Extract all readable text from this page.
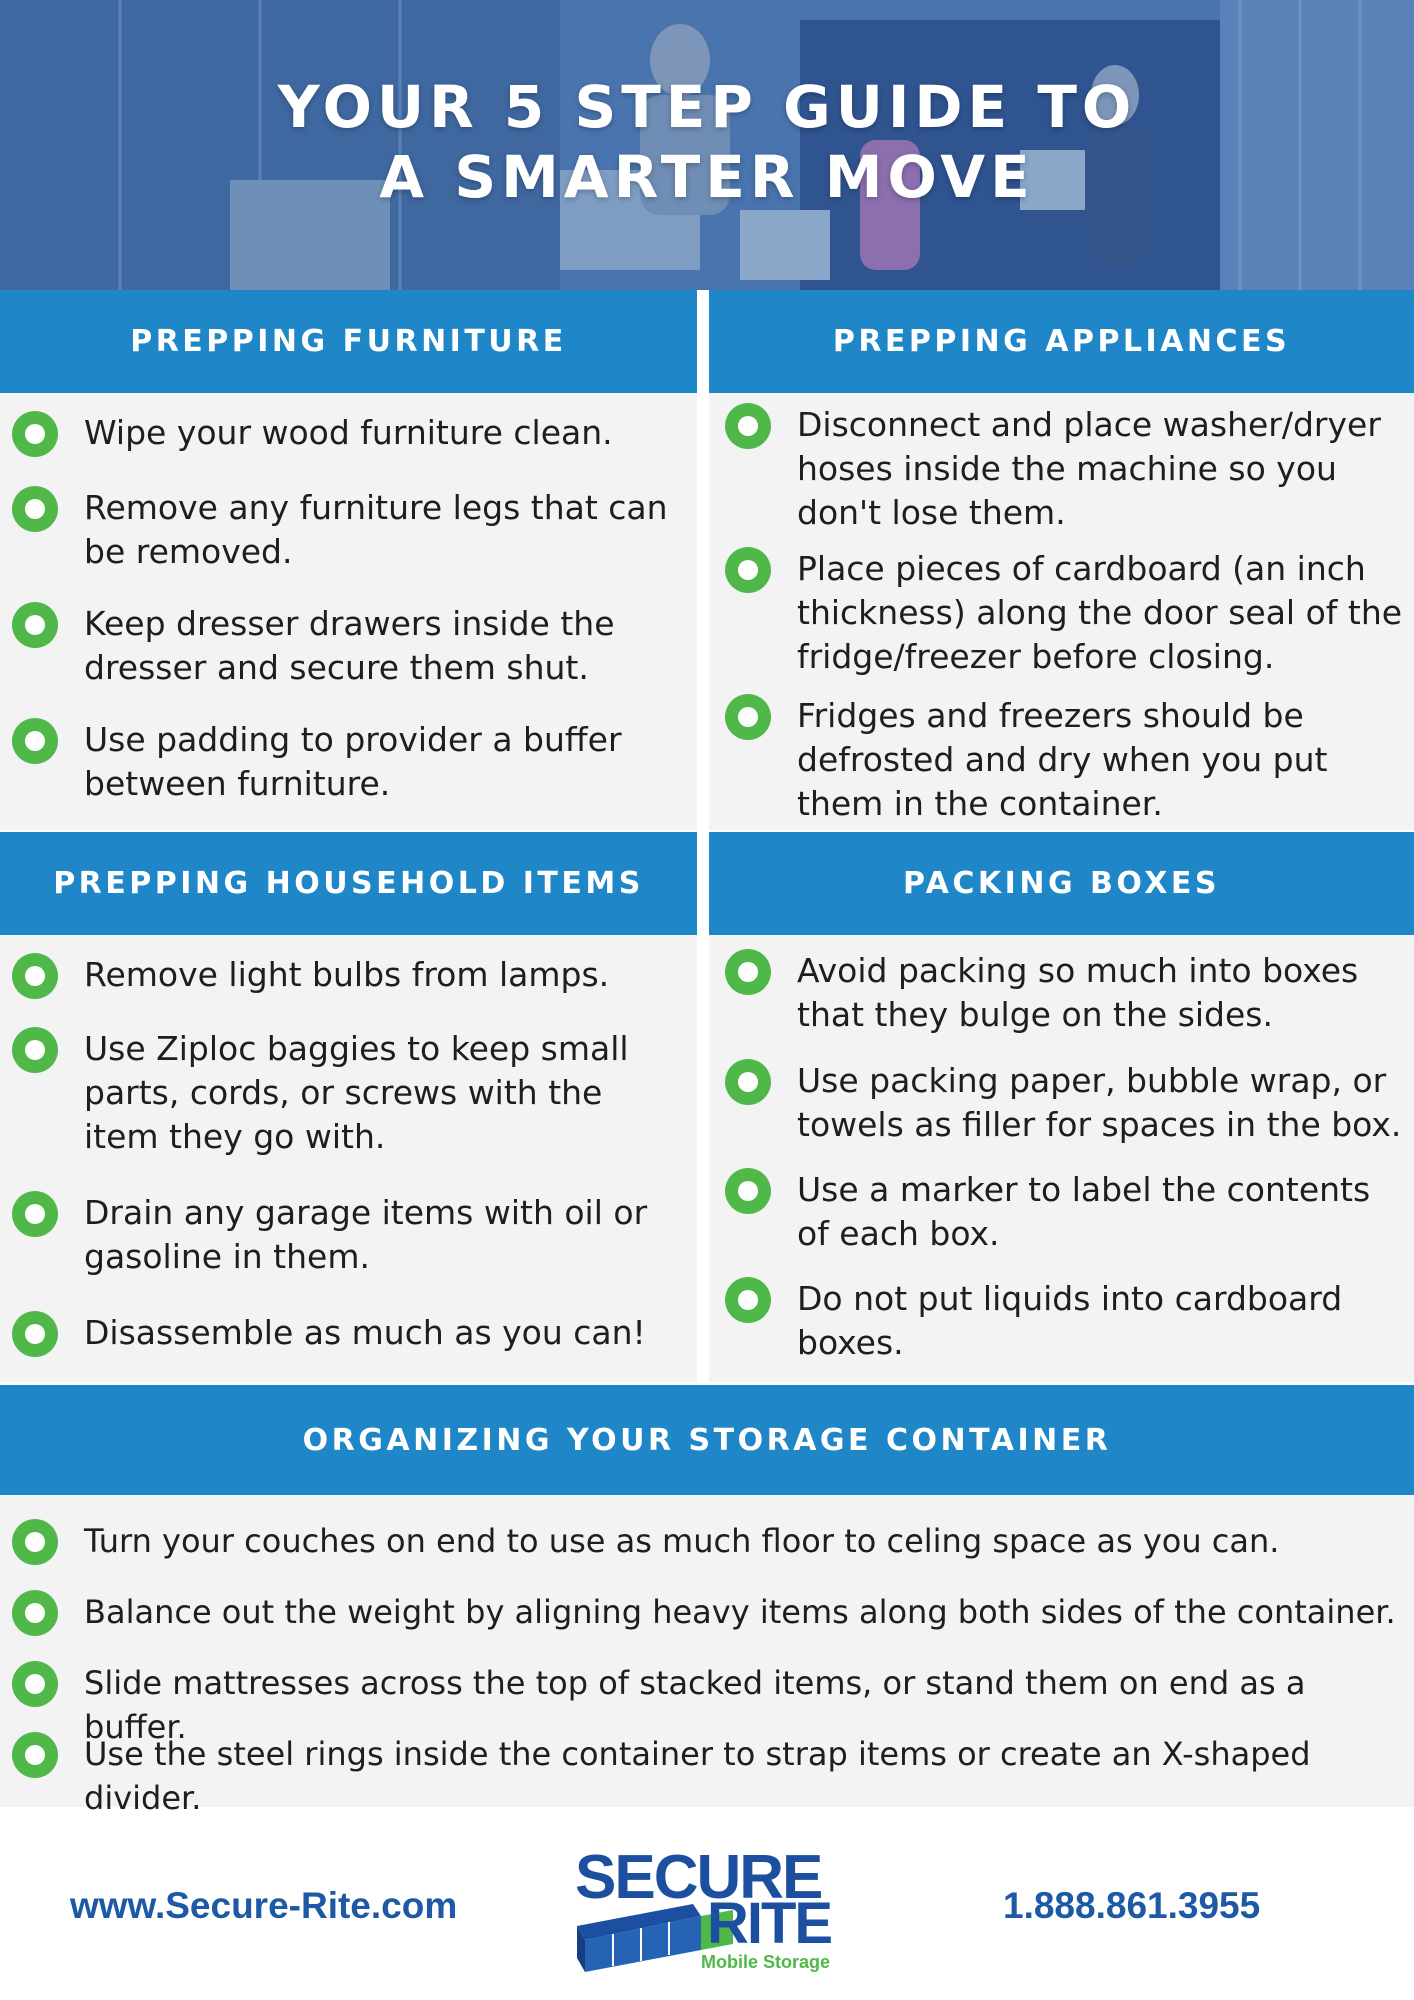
YOUR 5 STEP GUIDE TO
A SMARTER MOVE
PREPPING FURNITURE
Wipe your wood furniture clean.
Remove any furniture legs that can be removed.
Keep dresser drawers inside the dresser and secure them shut.
Use padding to provider a buffer between furniture.
PREPPING APPLIANCES
Disconnect and place washer/dryer hoses inside the machine so you don't lose them.
Place pieces of cardboard (an inch thickness) along the door seal of the fridge/freezer before closing.
Fridges and freezers should be defrosted and dry when you put them in the container.
PREPPING HOUSEHOLD ITEMS
Remove light bulbs from lamps.
Use Ziploc baggies to keep small parts, cords, or screws with the item they go with.
Drain any garage items with oil or gasoline in them.
Disassemble as much as you can!
PACKING BOXES
Avoid packing so much into boxes that they bulge on the sides.
Use packing paper, bubble wrap, or towels as filler for spaces in the box.
Use a marker to label the contents of each box.
Do not put liquids into cardboard boxes.
ORGANIZING YOUR STORAGE CONTAINER
Turn your couches on end to use as much floor to celing space as you can.
Balance out the weight by aligning heavy items along both sides of the container.
Slide mattresses across the top of stacked items, or stand them on end as a buffer.
Use the steel rings inside the container to strap items or create an X-shaped divider.
www.Secure-Rite.com	1.888.861.3955
SECURE
RITE
Mobile Storage
